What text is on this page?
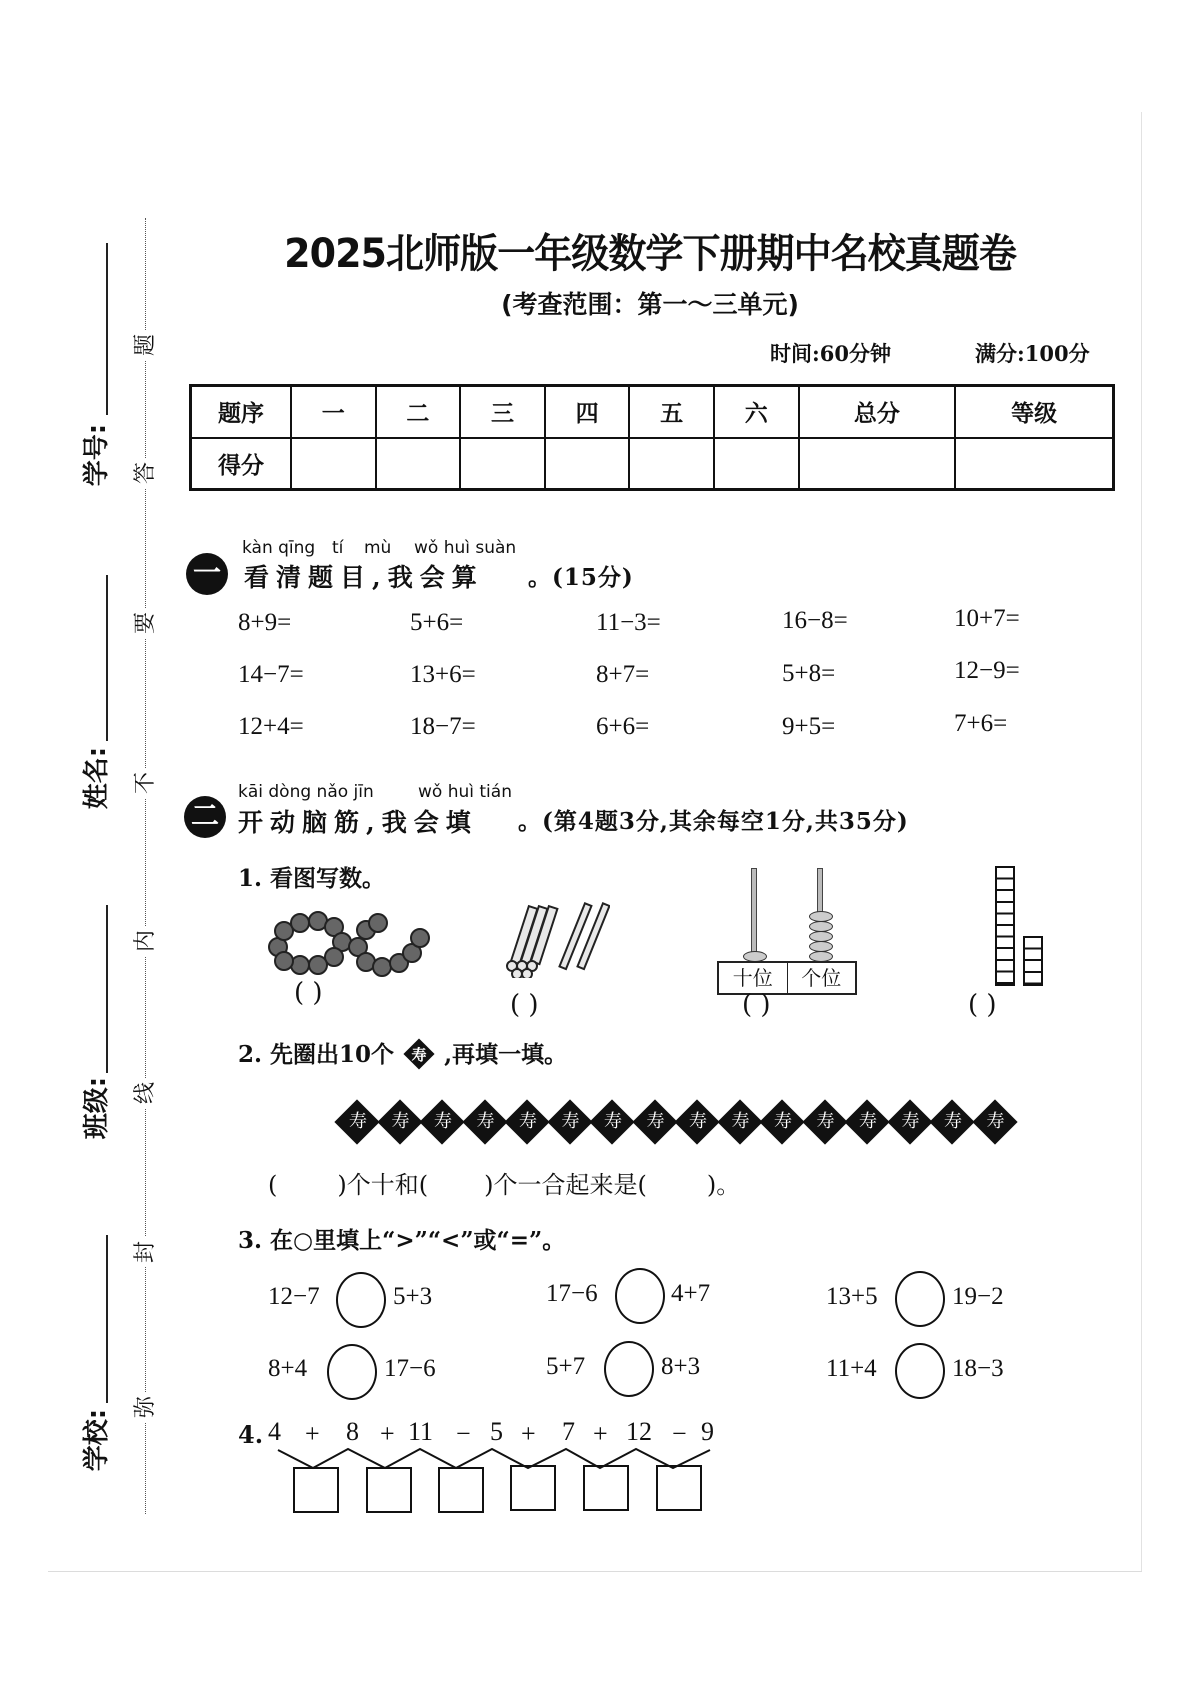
题
答
要
不
内
线
封
弥
学号:
姓名:
班级:
学校:
2025北师版一年级数学下册期中名校真题卷
(考查范围：第一～三单元)
时间:60分钟	满分:100分
题序	一	二	三	四	五	六	总分	等级
得分								
一
kàn qīng tí mù wǒ huì suàn
看清题目,我会算 。(15分)
8+9=	5+6=	11−3=	16−8=	10+7=
14−7=	13+6=	8+7=	5+8=	12−9=
12+4=	18−7=	6+6=	9+5=	7+6=
二
kāi dòng nǎo jīn	wǒ huì tián
开动脑筋,我会填 。(第4题3分,其余每空1分,共35分)
1. 看图写数。
( )	( )
十位	个位
( )	( )
2. 先圈出10个	寿 ,再填一填。
寿	寿	寿	寿	寿	寿	寿	寿	寿	寿	寿	寿	寿	寿	寿	寿
(	)个十和( )个一合起来是(	)。
3. 在○里填上“>”“<”或“=”。
12−7	5+3	17−6	4+7	13+5	19−2
8+4	17−6	5+7	8+3	11+4	18−3
4. 4 + 8 + 11 − 5 + 7 + 12 − 9
